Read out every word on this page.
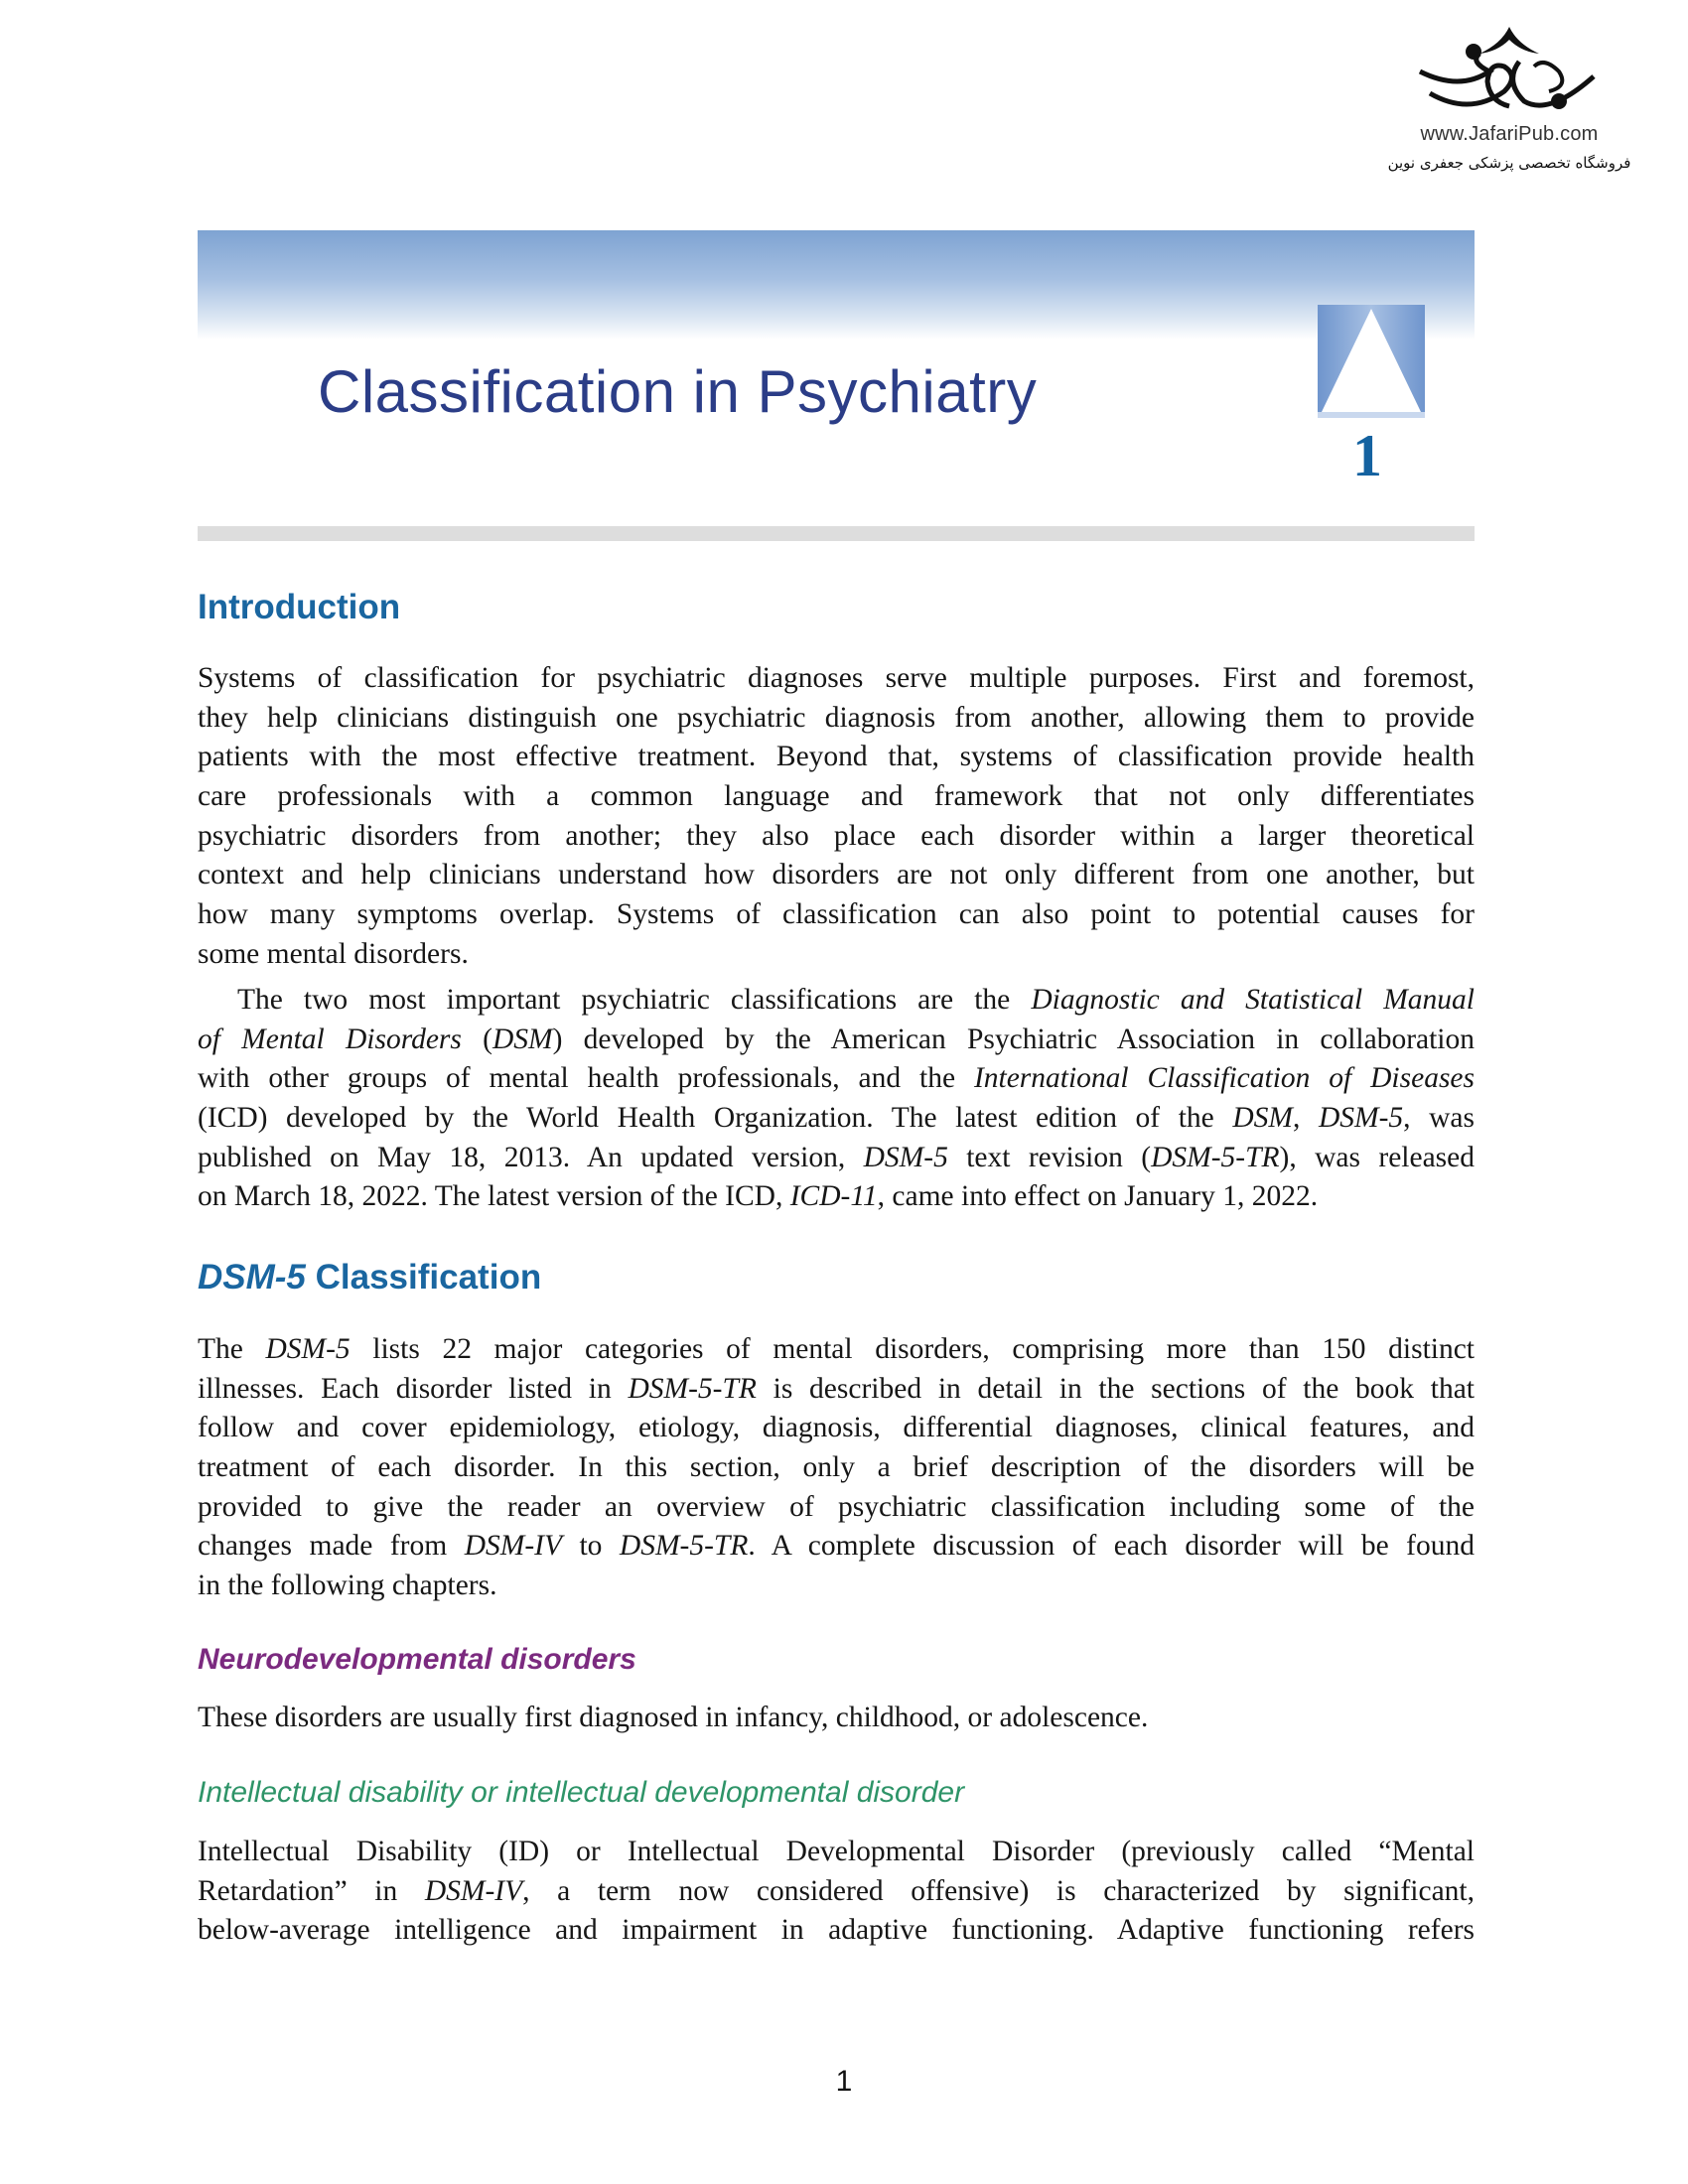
www.JafariPub.com
فروشگاه تخصصی پزشکی جعفری نوین
Classification in Psychiatry
1
Introduction
Systems of classification for psychiatric diagnoses serve multiple purposes. First and foremost,
they help clinicians distinguish one psychiatric diagnosis from another, allowing them to provide
patients with the most effective treatment. Beyond that, systems of classification provide health
care professionals with a common language and framework that not only differentiates
psychiatric disorders from another; they also place each disorder within a larger theoretical
context and help clinicians understand how disorders are not only different from one another, but
how many symptoms overlap. Systems of classification can also point to potential causes for
some mental disorders.
The two most important psychiatric classifications are the Diagnostic and Statistical Manual
of Mental Disorders (DSM) developed by the American Psychiatric Association in collaboration
with other groups of mental health professionals, and the International Classification of Diseases
(ICD) developed by the World Health Organization. The latest edition of the DSM, DSM-5, was
published on May 18, 2013. An updated version, DSM-5 text revision (DSM-5-TR), was released
on March 18, 2022. The latest version of the ICD, ICD-11, came into effect on January 1, 2022.
DSM-5 Classification
The DSM-5 lists 22 major categories of mental disorders, comprising more than 150 distinct
illnesses. Each disorder listed in DSM-5-TR is described in detail in the sections of the book that
follow and cover epidemiology, etiology, diagnosis, differential diagnoses, clinical features, and
treatment of each disorder. In this section, only a brief description of the disorders will be
provided to give the reader an overview of psychiatric classification including some of the
changes made from DSM-IV to DSM-5-TR. A complete discussion of each disorder will be found
in the following chapters.
Neurodevelopmental disorders
These disorders are usually first diagnosed in infancy, childhood, or adolescence.
Intellectual disability or intellectual developmental disorder
Intellectual Disability (ID) or Intellectual Developmental Disorder (previously called “Mental
Retardation” in DSM-IV, a term now considered offensive) is characterized by significant,
below-average intelligence and impairment in adaptive functioning. Adaptive functioning refers
1
